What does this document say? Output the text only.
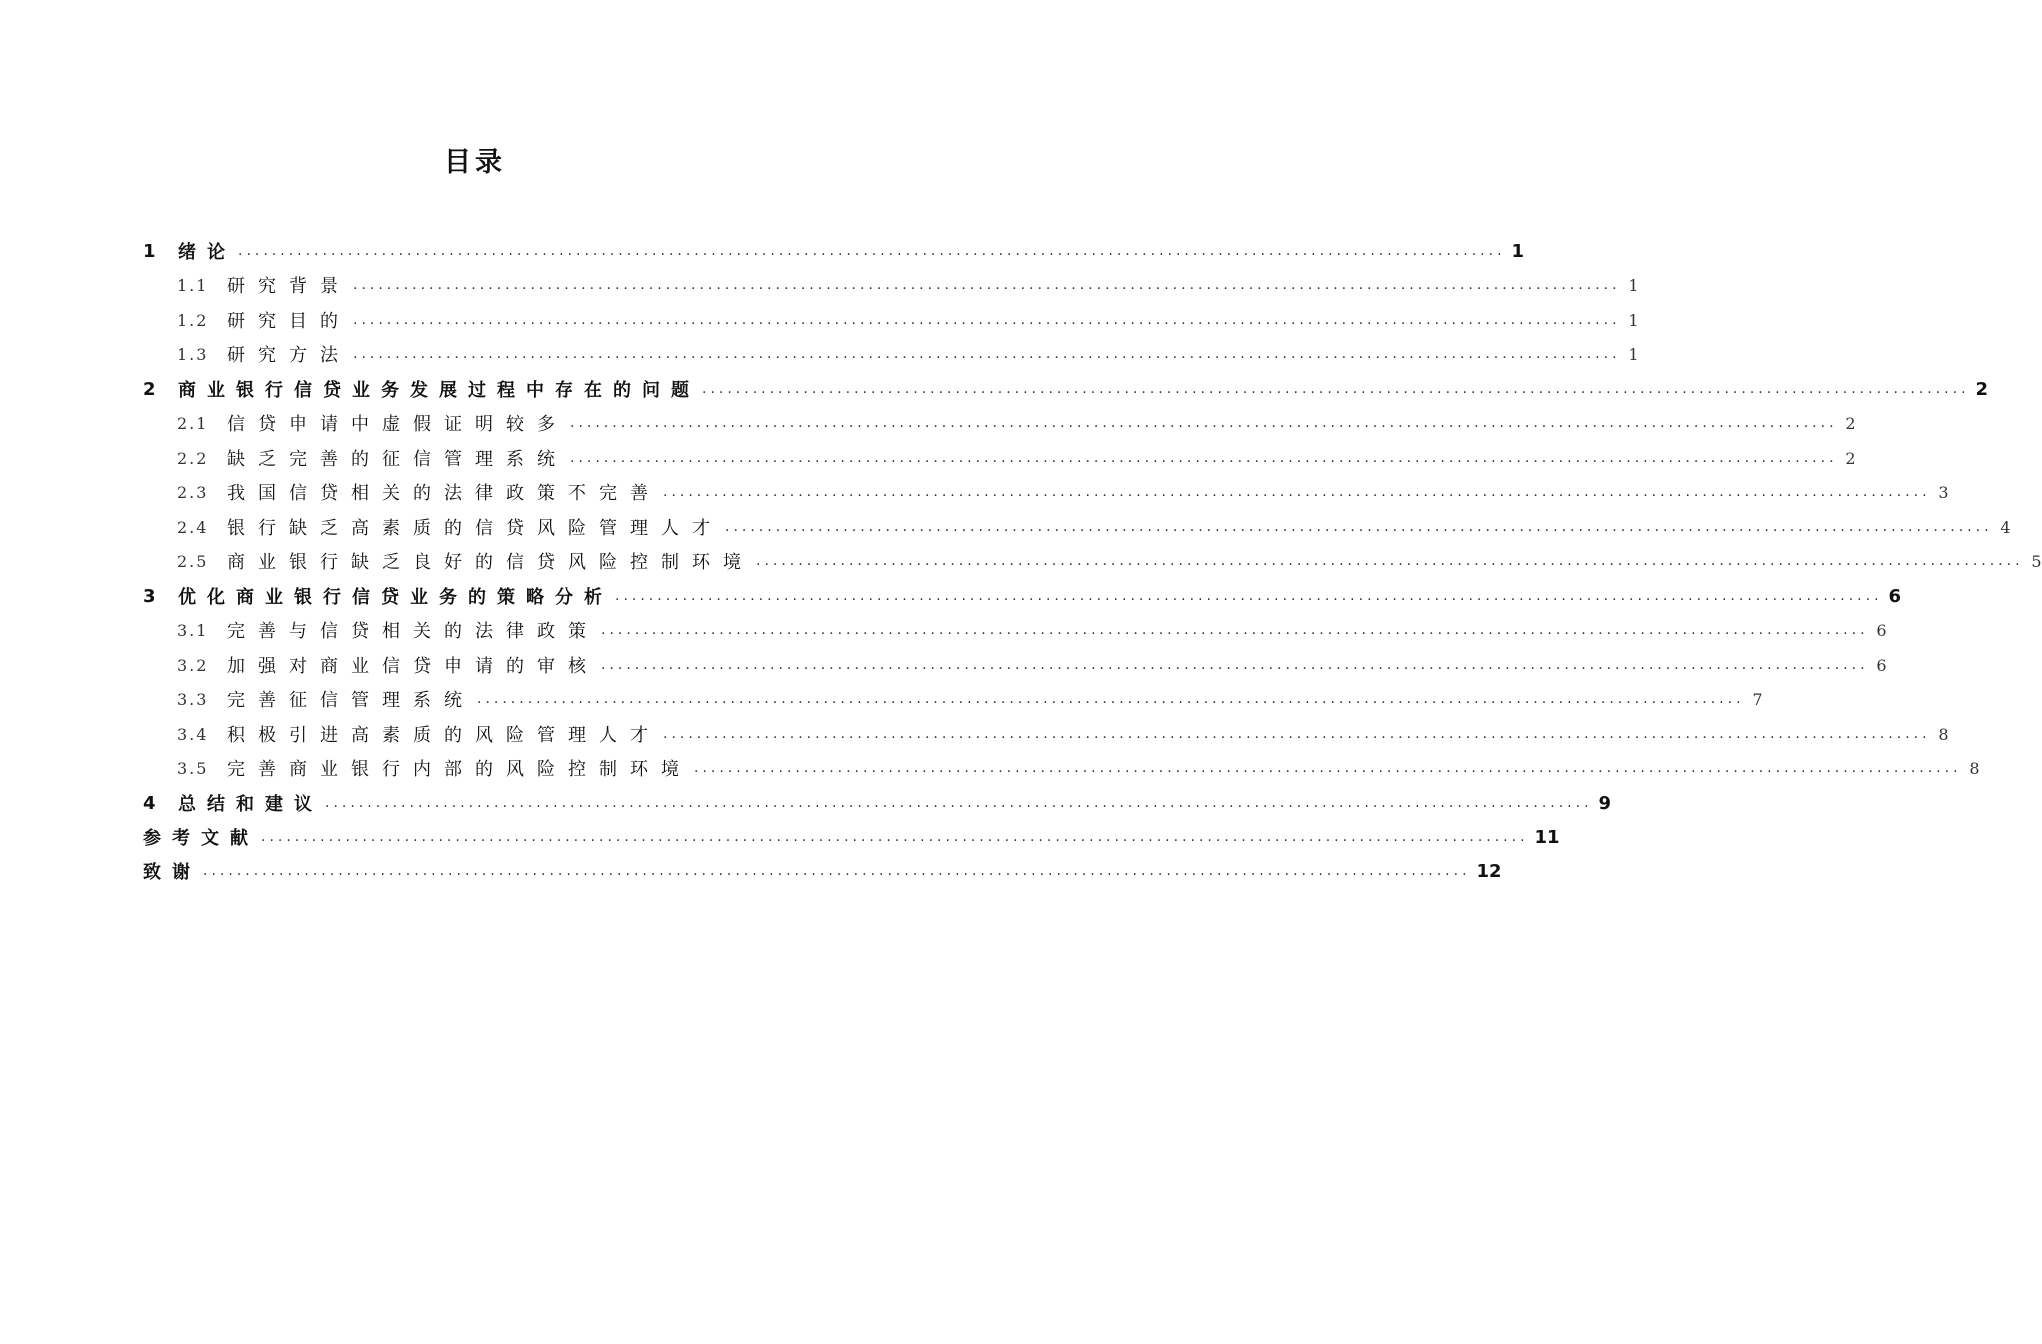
目录
1	绪论 ...................................................................................................................................................... 1
1.1	研究背景 ...................................................................................................................................................... 1
1.2	研究目的 ...................................................................................................................................................... 1
1.3	研究方法 ...................................................................................................................................................... 1
2	商业银行信贷业务发展过程中存在的问题 ...................................................................................................................................................... 2
2.1	信贷申请中虚假证明较多 ...................................................................................................................................................... 2
2.2	缺乏完善的征信管理系统 ...................................................................................................................................................... 2
2.3	我国信贷相关的法律政策不完善 ...................................................................................................................................................... 3
2.4	银行缺乏高素质的信贷风险管理人才 ...................................................................................................................................................... 4
2.5	商业银行缺乏良好的信贷风险控制环境 ...................................................................................................................................................... 5
3	优化商业银行信贷业务的策略分析 ...................................................................................................................................................... 6
3.1	完善与信贷相关的法律政策 ...................................................................................................................................................... 6
3.2	加强对商业信贷申请的审核 ...................................................................................................................................................... 6
3.3	完善征信管理系统 ...................................................................................................................................................... 7
3.4	积极引进高素质的风险管理人才 ...................................................................................................................................................... 8
3.5	完善商业银行内部的风险控制环境 ...................................................................................................................................................... 8
4	总结和建议 ...................................................................................................................................................... 9
参考文献 ...................................................................................................................................................... 11
致谢 ...................................................................................................................................................... 12
